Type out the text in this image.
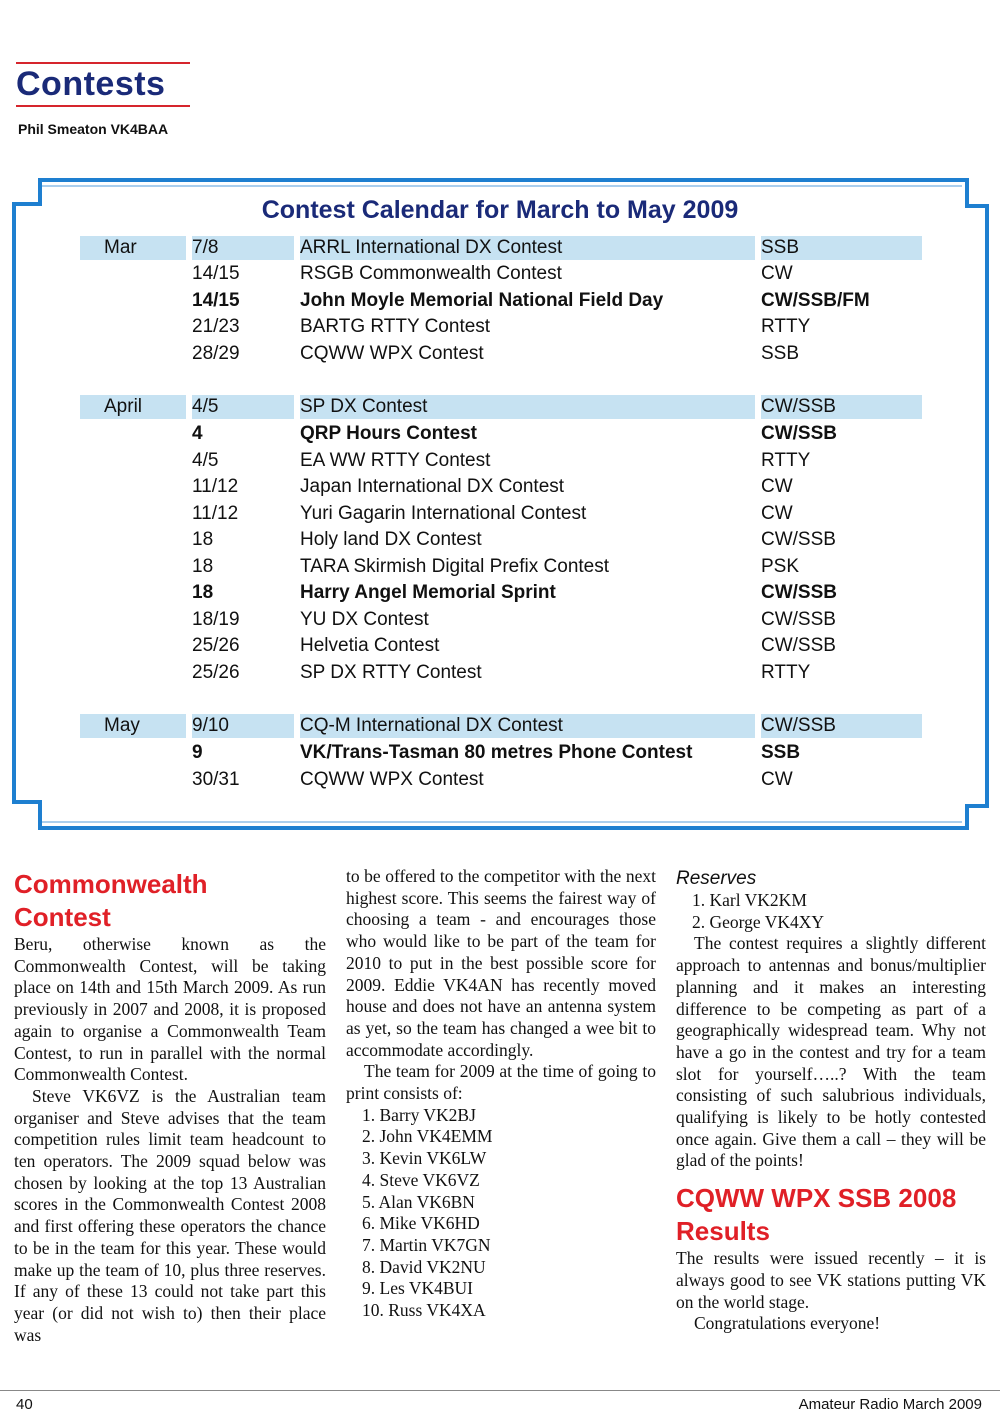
Contests
Phil Smeaton VK4BAA
Contest Calendar for March to May 2009
Mar	7/8	ARRL International DX Contest	SSB
14/15	RSGB Commonwealth Contest	CW
14/15	John Moyle Memorial National Field Day	CW/SSB/FM
21/23	BARTG RTTY Contest	RTTY
28/29	CQWW WPX Contest	SSB
April	4/5	SP DX Contest	CW/SSB
4	QRP Hours Contest	CW/SSB
4/5	EA WW RTTY Contest	RTTY
11/12	Japan International DX Contest	CW
11/12	Yuri Gagarin International Contest	CW
18	Holy land DX Contest	CW/SSB
18	TARA Skirmish Digital Prefix Contest	PSK
18	Harry Angel Memorial Sprint	CW/SSB
18/19	YU DX Contest	CW/SSB
25/26	Helvetia Contest	CW/SSB
25/26	SP DX RTTY Contest	RTTY
May	9/10	CQ-M International DX Contest	CW/SSB
9	VK/Trans-Tasman 80 metres Phone Contest	SSB
30/31	CQWW WPX Contest	CW
Commonwealth Contest

Beru, otherwise known as the Commonwealth Contest, will be taking place on 14th and 15th March 2009. As run previously in 2007 and 2008, it is proposed again to organise a Commonwealth Team Contest, to run in parallel with the normal Commonwealth Contest.

Steve VK6VZ is the Australian team organiser and Steve advises that the team competition rules limit team headcount to ten operators. The 2009 squad below was chosen by looking at the top 13 Australian scores in the Commonwealth Contest 2008 and first offering these operators the chance to be in the team for this year. These would make up the team of 10, plus three reserves. If any of these 13 could not take part this year (or did not wish to) then their place was

to be offered to the competitor with the next highest score. This seems the fairest way of choosing a team - and encourages those who would like to be part of the team for 2010 to put in the best possible score for 2009. Eddie VK4AN has recently moved house and does not have an antenna system as yet, so the team has changed a wee bit to accommodate accordingly.

The team for 2009 at the time of going to print consists of:

1. Barry VK2BJ
2. John VK4EMM
3. Kevin VK6LW
4. Steve VK6VZ
5. Alan VK6BN
6. Mike VK6HD
7. Martin VK7GN
8. David VK2NU
9. Les VK4BUI
10. Russ VK4XA
Reserves
1. Karl VK2KM
2. George VK4XY

The contest requires a slightly different approach to antennas and bonus/multiplier planning and it makes an interesting difference to be competing as part of a geographically widespread team. Why not have a go in the contest and try for a team slot for yourself…..? With the team consisting of such salubrious individuals, qualifying is likely to be hotly contested once again. Give them a call – they will be glad of the points!

CQWW WPX SSB 2008 Results

The results were issued recently – it is always good to see VK stations putting VK on the world stage.

Congratulations everyone!

40	Amateur Radio March 2009
